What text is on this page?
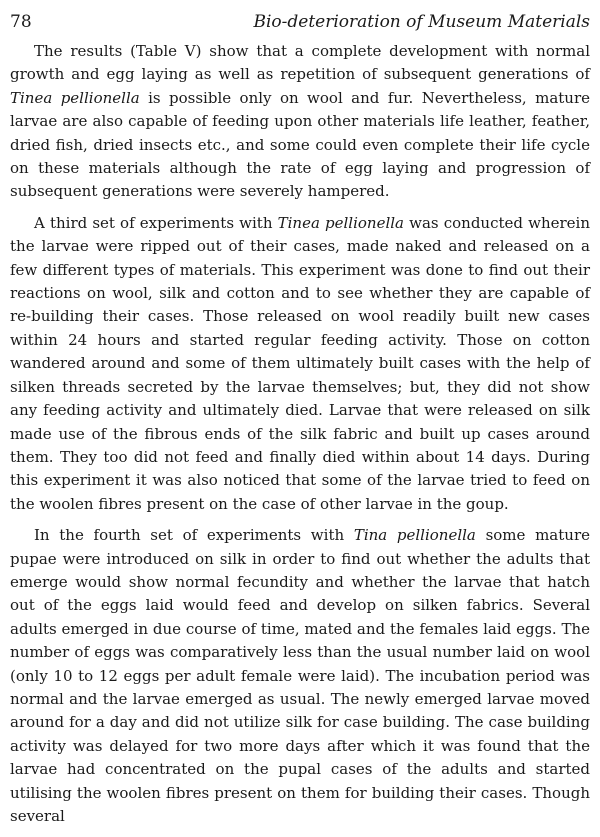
78	Bio-deterioration of Museum Materials

The results (Table V) show that a complete development with normal growth and egg laying as well as repetition of subsequent generations of Tinea pellionella is possible only on wool and fur. Nevertheless, mature larvae are also capable of feeding upon other materials life leather, feather, dried fish, dried insects etc., and some could even complete their life cycle on these materials although the rate of egg laying and progression of subsequent generations were severely hampered.

A third set of experiments with Tinea pellionella was conducted wherein the larvae were ripped out of their cases, made naked and released on a few different types of materials. This experiment was done to find out their reactions on wool, silk and cotton and to see whether they are capable of re-building their cases. Those released on wool readily built new cases within 24 hours and started regular feeding activity. Those on cotton wandered around and some of them ultimately built cases with the help of silken threads secreted by the larvae themselves; but, they did not show any feeding activity and ultimately died. Larvae that were released on silk made use of the fibrous ends of the silk fabric and built up cases around them. They too did not feed and finally died within about 14 days. During this experiment it was also noticed that some of the larvae tried to feed on the woolen fibres present on the case of other larvae in the goup.

In the fourth set of experiments with Tina pellionella some mature pupae were introduced on silk in order to find out whether the adults that emerge would show normal fecundity and whether the larvae that hatch out of the eggs laid would feed and develop on silken fabrics. Several adults emerged in due course of time, mated and the females laid eggs. The number of eggs was comparatively less than the usual number laid on wool (only 10 to 12 eggs per adult female were laid). The incubation period was normal and the larvae emerged as usual. The newly emerged larvae moved around for a day and did not utilize silk for case building. The case building activity was delayed for two more days after which it was found that the larvae had concentrated on the pupal cases of the adults and started utilising the woolen fibres present on them for building their cases. Though several
